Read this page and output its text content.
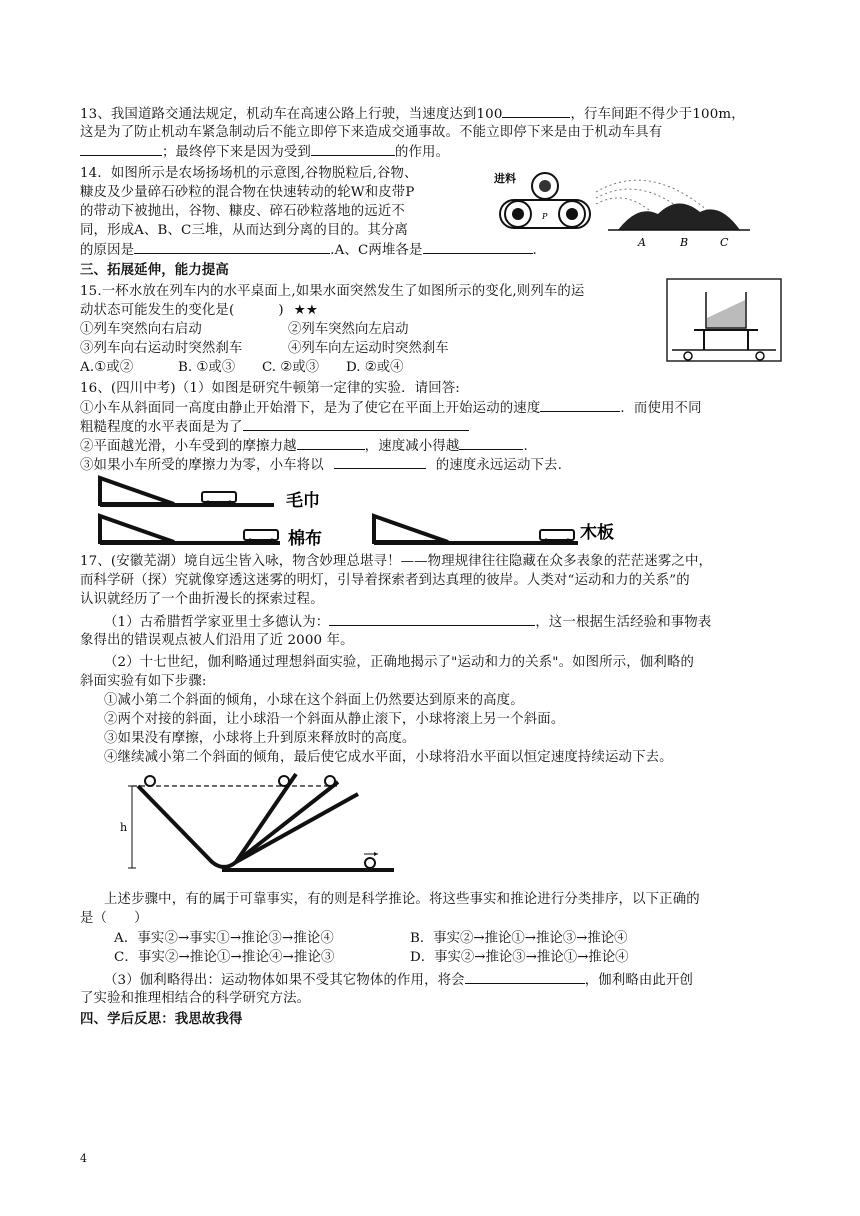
13、我国道路交通法规定，机动车在高速公路上行驶，当速度达到100	，行车间距不得少于100m，
这是为了防止机动车紧急制动后不能立即停下来造成交通事故。不能立即停下来是由于机动车具有
；最终停下来是因为受到	的作用。
14．如图所示是农场扬场机的示意图,谷物脱粒后,谷物、
糠皮及少量碎石砂粒的混合物在快速转动的轮W和皮带P
的带动下被抛出，谷物、糠皮、碎石砂粒落地的远近不
同，形成A、B、C三堆，从而达到分离的目的。其分离
的原因是	.A、C两堆各是	.
进料
P
A	B	C
三、拓展延伸，能力提高
15.一杯水放在列车内的水平桌面上,如果水面突然发生了如图所示的变化,则列车的运
动状态可能发生的变化是(	) ★★
①列车突然向右启动	②列车突然向左启动
③列车向右运动时突然刹车	④列车向左运动时突然刹车
A.①或②	B. ①或③ C. ②或③ D. ②或④
16、(四川中考)（1）如图是研究牛顿第一定律的实验．请回答:
①小车从斜面同一高度由静止开始滑下，是为了使它在平面上开始运动的速度	．而使用不同
粗糙程度的水平表面是为了
②平面越光滑，小车受到的摩擦力越	，速度减小得越	.
③如果小车所受的摩擦力为零，小车将以	的速度永远运动下去.
毛巾
棉布	木板
17、(安徽芜湖）境自远尘皆入咏，物含妙理总堪寻！——物理规律往往隐藏在众多表象的茫茫迷雾之中，
而科学研（探）究就像穿透这迷雾的明灯，引导着探索者到达真理的彼岸。人类对“运动和力的关系”的
认识就经历了一个曲折漫长的探索过程。
（1）古希腊哲学家亚里士多德认为：	，这一根据生活经验和事物表
象得出的错误观点被人们沿用了近 2000 年。
（2）十七世纪，伽利略通过理想斜面实验，正确地揭示了"运动和力的关系"。如图所示，伽利略的
斜面实验有如下步骤:
①减小第二个斜面的倾角，小球在这个斜面上仍然要达到原来的高度。
②两个对接的斜面，让小球沿一个斜面从静止滚下，小球将滚上另一个斜面。
③如果没有摩擦，小球将上升到原来释放时的高度。
④继续减小第二个斜面的倾角，最后使它成水平面，小球将沿水平面以恒定速度持续运动下去。
h
上述步骤中，有的属于可靠事实，有的则是科学推论。将这些事实和推论进行分类排序，以下正确的
是（　　）
A．事实②→事实①→推论③→推论④	B．事实②→推论①→推论③→推论④
C．事实②→推论①→推论④→推论③	D．事实②→推论③→推论①→推论④
（3）伽利略得出：运动物体如果不受其它物体的作用，将会	，伽利略由此开创
了实验和推理相结合的科学研究方法。
四、学后反思：我思故我得
4
